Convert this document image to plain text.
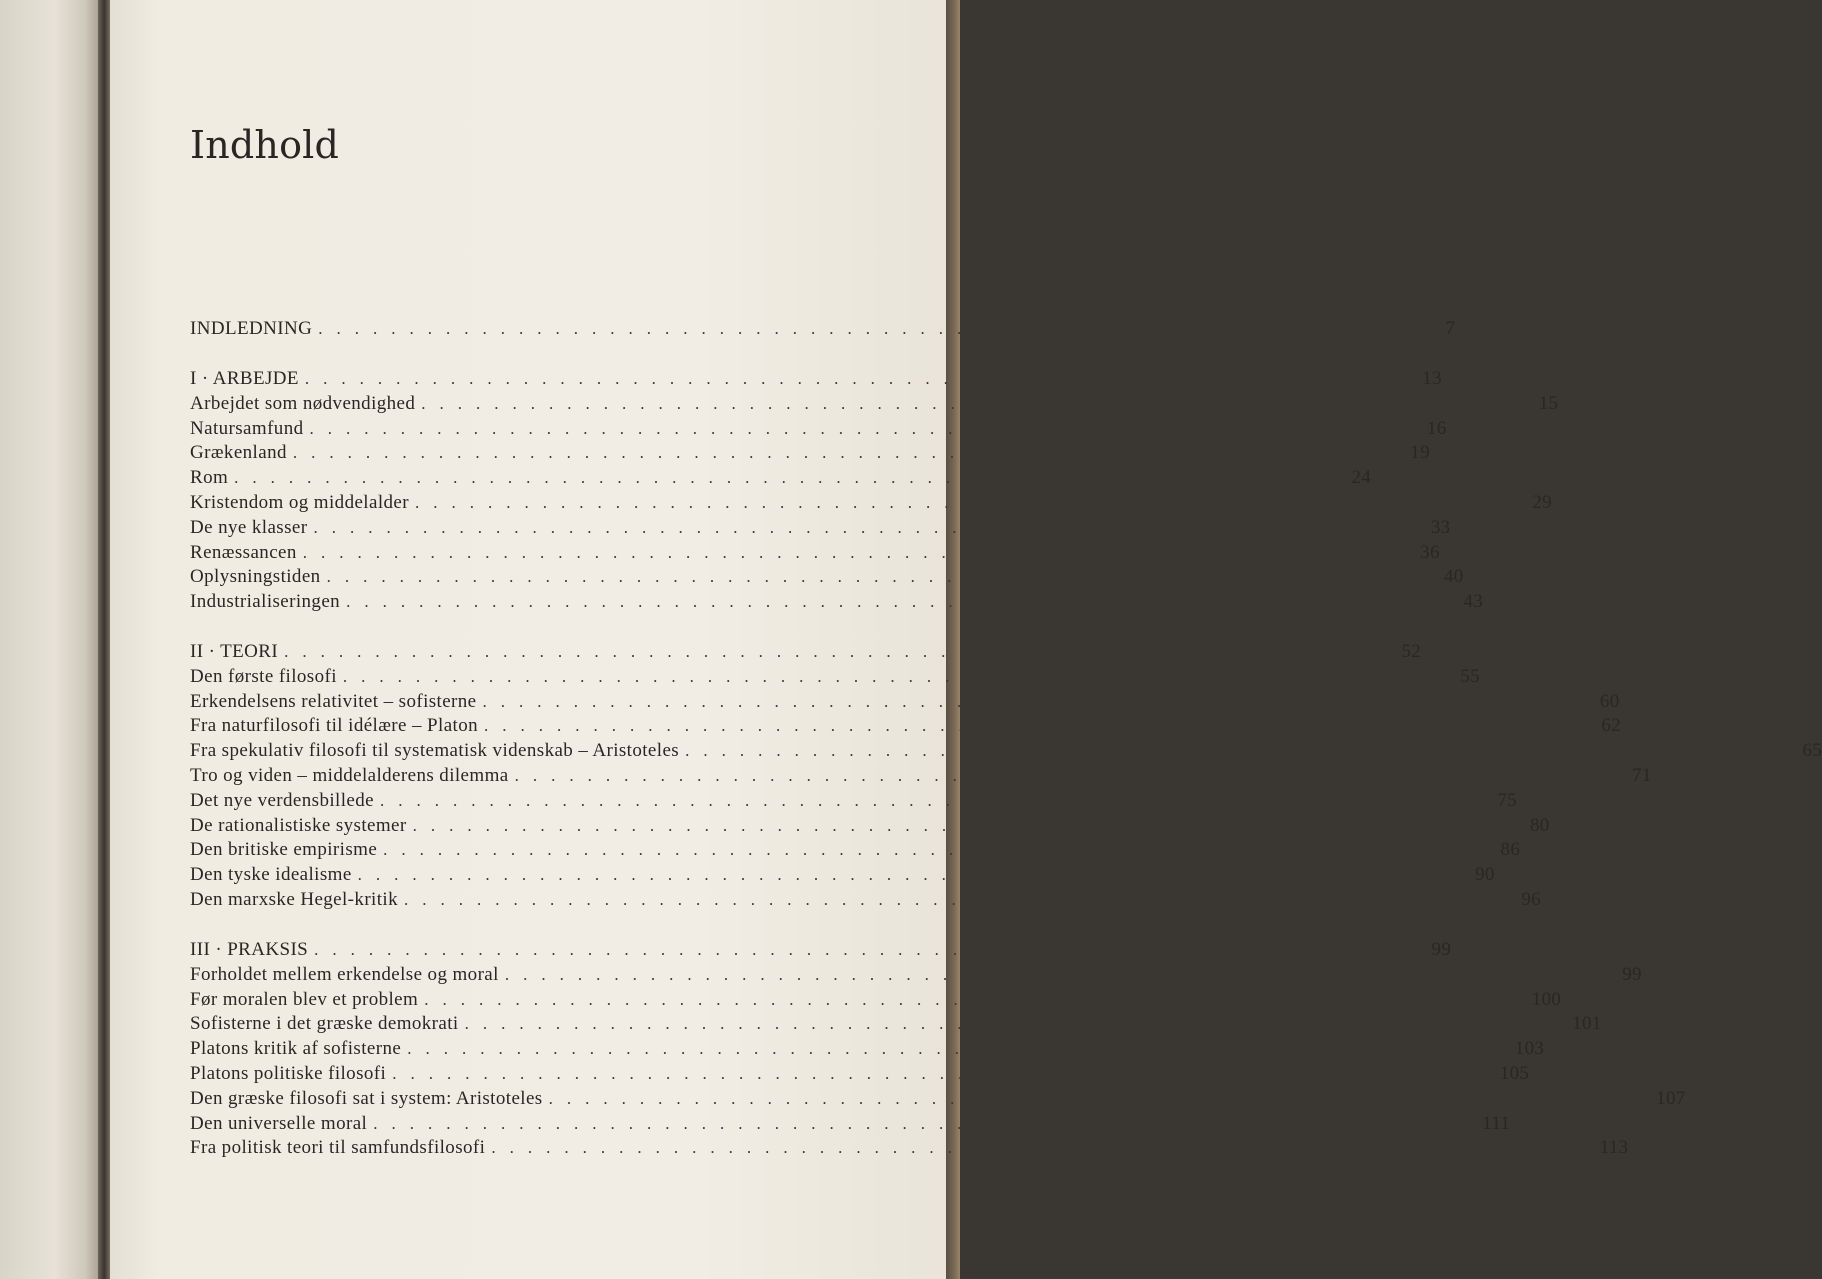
Indhold
INDLEDNING ............................................................	7
I · ARBEJDE ............................................................	13
Arbejdet som nødvendighed ............................................................	15
Natursamfund ............................................................	16
Grækenland ............................................................	19
Rom ............................................................	24
Kristendom og middelalder ............................................................	29
De nye klasser ............................................................	33
Renæssancen ............................................................	36
Oplysningstiden ............................................................	40
Industrialiseringen ............................................................	43
II · TEORI ............................................................	52
Den første filosofi ............................................................	55
Erkendelsens relativitet – sofisterne ............................................................	60
Fra naturfilosofi til idélære – Platon ............................................................	62
Fra spekulativ filosofi til systematisk videnskab – Aristoteles ............................................................	65
Tro og viden – middelalderens dilemma ............................................................	71
Det nye verdensbillede ............................................................	75
De rationalistiske systemer ............................................................	80
Den britiske empirisme ............................................................	86
Den tyske idealisme ............................................................	90
Den marxske Hegel-kritik ............................................................	96
III · PRAKSIS ............................................................	99
Forholdet mellem erkendelse og moral ............................................................	99
Før moralen blev et problem ............................................................ 100
Sofisterne i det græske demokrati ............................................................ 101
Platons kritik af sofisterne ............................................................ 103
Platons politiske filosofi ............................................................ 105
Den græske filosofi sat i system: Aristoteles ............................................................ 107
Den universelle moral ............................................................ 111
Fra politisk teori til samfundsfilosofi ............................................................ 113
